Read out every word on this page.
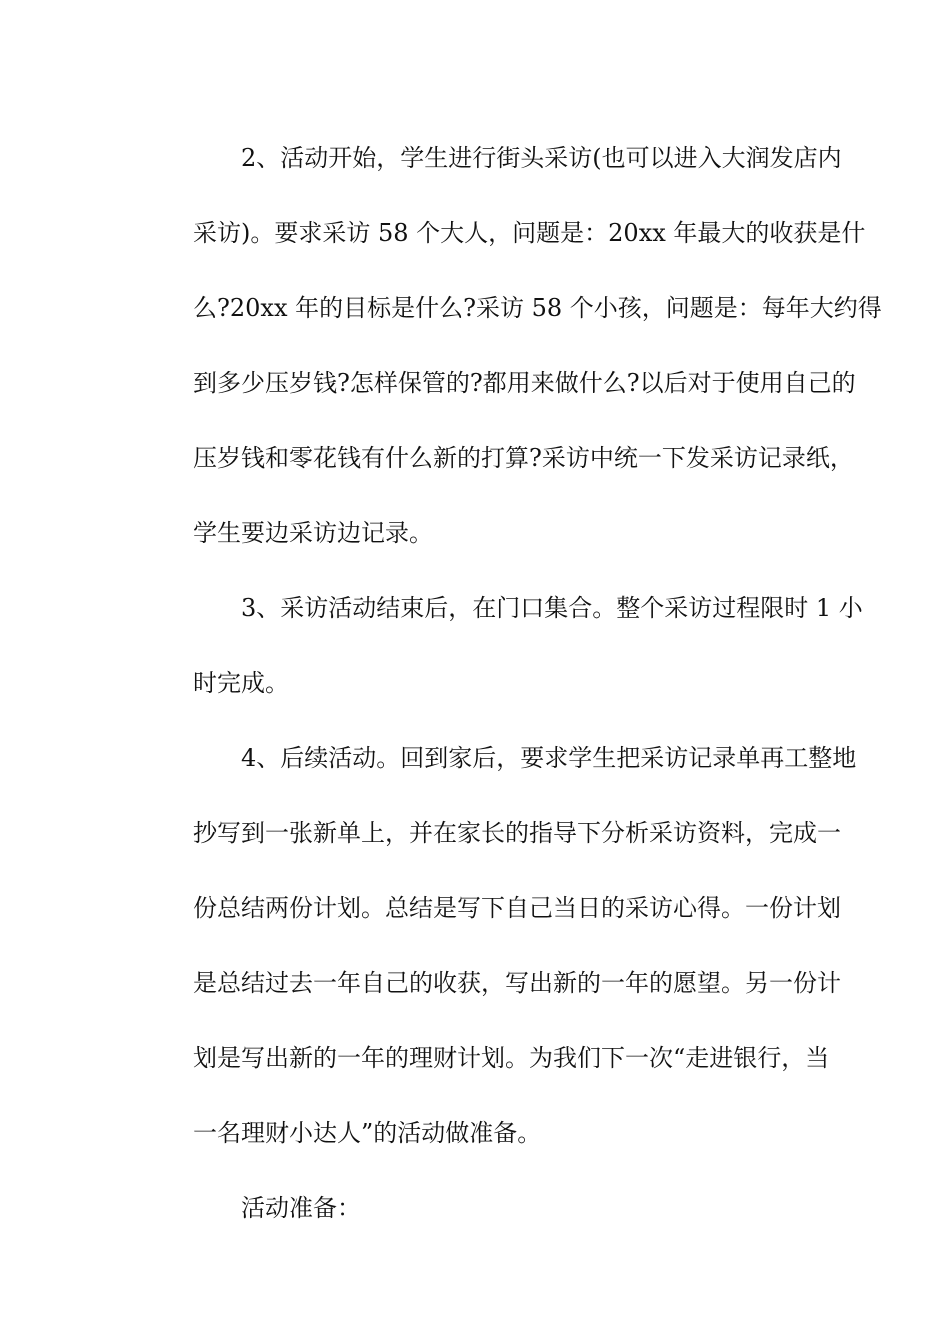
2、活动开始，学生进行街头采访(也可以进入大润发店内
采访)。要求采访 58 个大人，问题是：20xx 年最大的收获是什
么?20xx 年的目标是什么?采访 58 个小孩，问题是：每年大约得
到多少压岁钱?怎样保管的?都用来做什么?以后对于使用自己的
压岁钱和零花钱有什么新的打算?采访中统一下发采访记录纸，
学生要边采访边记录。
3、采访活动结束后，在门口集合。整个采访过程限时 1 小
时完成。
4、后续活动。回到家后，要求学生把采访记录单再工整地
抄写到一张新单上，并在家长的指导下分析采访资料，完成一
份总结两份计划。总结是写下自己当日的采访心得。一份计划
是总结过去一年自己的收获，写出新的一年的愿望。另一份计
划是写出新的一年的理财计划。为我们下一次“走进银行，当
一名理财小达人”的活动做准备。
活动准备：
